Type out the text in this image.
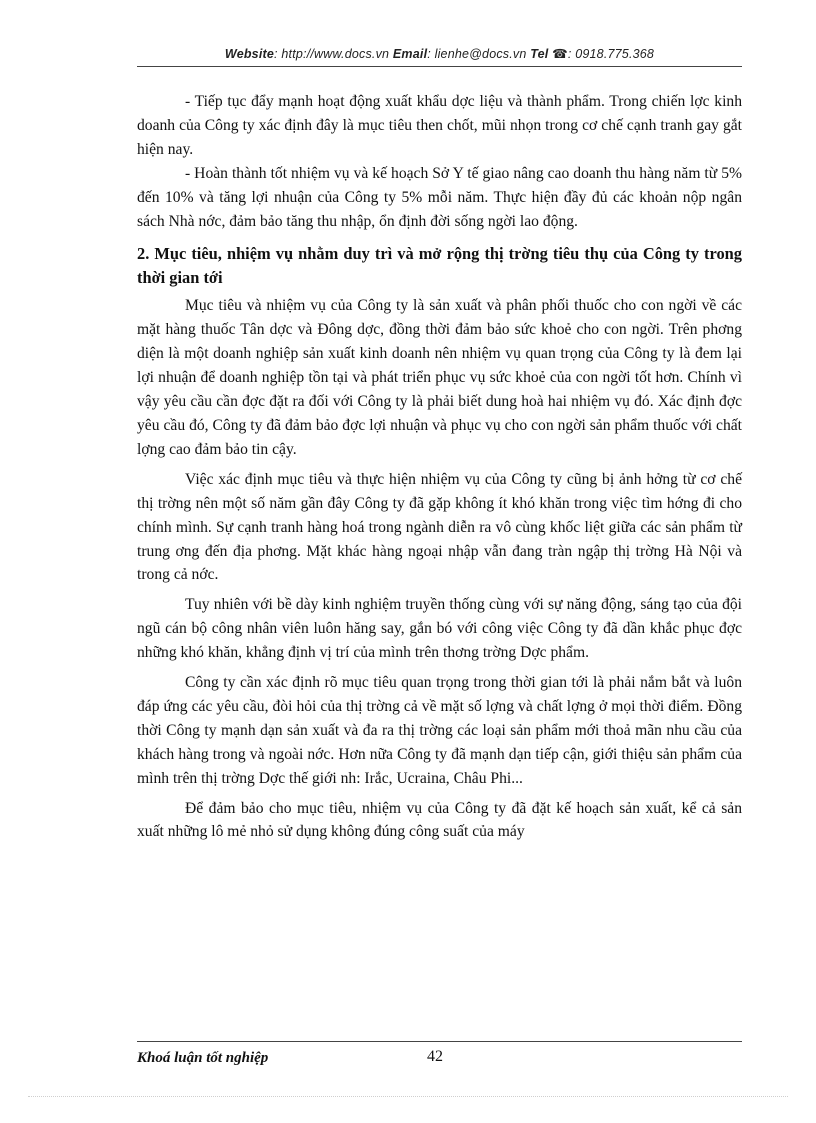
Website: http://www.docs.vn Email: lienhe@docs.vn Tel ☎: 0918.775.368

- Tiếp tục đẩy mạnh hoạt động xuất khẩu dợc liệu và thành phẩm. Trong chiến lợc kinh doanh của Công ty xác định đây là mục tiêu then chốt, mũi nhọn trong cơ chế cạnh tranh gay gắt hiện nay.

- Hoàn thành tốt nhiệm vụ và kế hoạch Sở Y tế giao nâng cao doanh thu hàng năm từ 5% đến 10% và tăng lợi nhuận của Công ty 5% mỗi năm. Thực hiện đầy đủ các khoản nộp ngân sách Nhà nớc, đảm bảo tăng thu nhập, ổn định đời sống ngời lao động.

2. Mục tiêu, nhiệm vụ nhằm duy trì và mở rộng thị trờng tiêu thụ của Công ty trong thời gian tới

Mục tiêu và nhiệm vụ của Công ty là sản xuất và phân phối thuốc cho con ngời về các mặt hàng thuốc Tân dợc và Đông dợc, đồng thời đảm bảo sức khoẻ cho con ngời. Trên phơng diện là một doanh nghiệp sản xuất kinh doanh nên nhiệm vụ quan trọng của Công ty là đem lại lợi nhuận để doanh nghiệp tồn tại và phát triển phục vụ sức khoẻ của con ngời tốt hơn. Chính vì vậy yêu cầu cần đợc đặt ra đối với Công ty là phải biết dung hoà hai nhiệm vụ đó. Xác định đợc yêu cầu đó, Công ty đã đảm bảo đợc lợi nhuận và phục vụ cho con ngời sản phẩm thuốc với chất lợng cao đảm bảo tin cậy.

Việc xác định mục tiêu và thực hiện nhiệm vụ của Công ty cũng bị ảnh hởng từ cơ chế thị trờng nên một số năm gần đây Công ty đã gặp không ít khó khăn trong việc tìm hớng đi cho chính mình. Sự cạnh tranh hàng hoá trong ngành diễn ra vô cùng khốc liệt giữa các sản phẩm từ trung ơng đến địa phơng. Mặt khác hàng ngoại nhập vẫn đang tràn ngập thị trờng Hà Nội và trong cả nớc.

Tuy nhiên với bề dày kinh nghiệm truyền thống cùng với sự năng động, sáng tạo của đội ngũ cán bộ công nhân viên luôn hăng say, gắn bó với công việc Công ty đã dần khắc phục đợc những khó khăn, khẳng định vị trí của mình trên thơng trờng Dợc phẩm.

Công ty cần xác định rõ mục tiêu quan trọng trong thời gian tới là phải nắm bắt và luôn đáp ứng các yêu cầu, đòi hỏi của thị trờng cả về mặt số lợng và chất lợng ở mọi thời điểm. Đồng thời Công ty mạnh dạn sản xuất và đa ra thị trờng các loại sản phẩm mới thoả mãn nhu cầu của khách hàng trong và ngoài nớc. Hơn nữa Công ty đã mạnh dạn tiếp cận, giới thiệu sản phẩm của mình trên thị trờng Dợc thế giới nh: Irắc, Ucraina, Châu Phi...

Để đảm bảo cho mục tiêu, nhiệm vụ của Công ty đã đặt kế hoạch sản xuất, kể cả sản xuất những lô mẻ nhỏ sử dụng không đúng công suất của máy

Khoá luận tốt nghiệp	42
